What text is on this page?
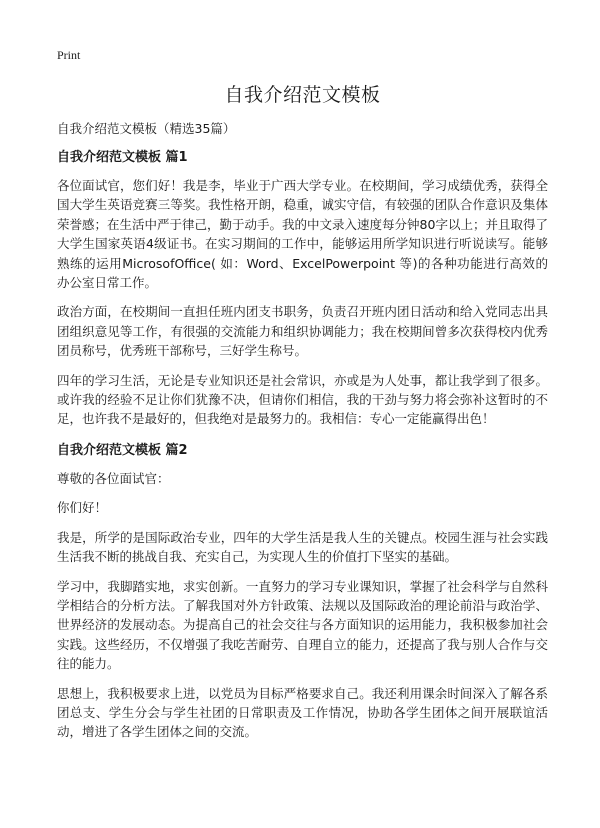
Print
自我介绍范文模板

自我介绍范文模板（精选35篇）

自我介绍范文模板 篇1

各位面试官，您们好！我是李，毕业于广西大学专业。在校期间，学习成绩优秀，获得全国大学生英语竞赛三等奖。我性格开朗，稳重，诚实守信，有较强的团队合作意识及集体荣誉感；在生活中严于律己，勤于动手。我的中文录入速度每分钟80字以上；并且取得了大学生国家英语4级证书。在实习期间的工作中，能够运用所学知识进行听说读写。能够熟练的运用MicrosofOffice( 如：Word、ExcelPowerpoint 等)的各种功能进行高效的办公室日常工作。

政治方面，在校期间一直担任班内团支书职务，负责召开班内团日活动和给入党同志出具团组织意见等工作，有很强的交流能力和组织协调能力；我在校期间曾多次获得校内优秀团员称号，优秀班干部称号，三好学生称号。

四年的学习生活，无论是专业知识还是社会常识，亦或是为人处事，都让我学到了很多。或许我的经验不足让你们犹豫不决，但请你们相信，我的干劲与努力将会弥补这暂时的不足，也许我不是最好的，但我绝对是最努力的。我相信：专心一定能赢得出色！

自我介绍范文模板 篇2

尊敬的各位面试官：

你们好！

我是，所学的是国际政治专业，四年的大学生活是我人生的关键点。校园生涯与社会实践生活我不断的挑战自我、充实自己，为实现人生的价值打下坚实的基础。

学习中，我脚踏实地，求实创新。一直努力的学习专业课知识，掌握了社会科学与自然科学相结合的分析方法。了解我国对外方针政策、法规以及国际政治的理论前沿与政治学、世界经济的发展动态。为提高自己的社会交往与各方面知识的运用能力，我积极参加社会实践。这些经历，不仅增强了我吃苦耐劳、自理自立的能力，还提高了我与别人合作与交往的能力。

思想上，我积极要求上进，以党员为目标严格要求自己。我还利用课余时间深入了解各系团总支、学生分会与学生社团的日常职责及工作情况，协助各学生团体之间开展联谊活动，增进了各学生团体之间的交流。
